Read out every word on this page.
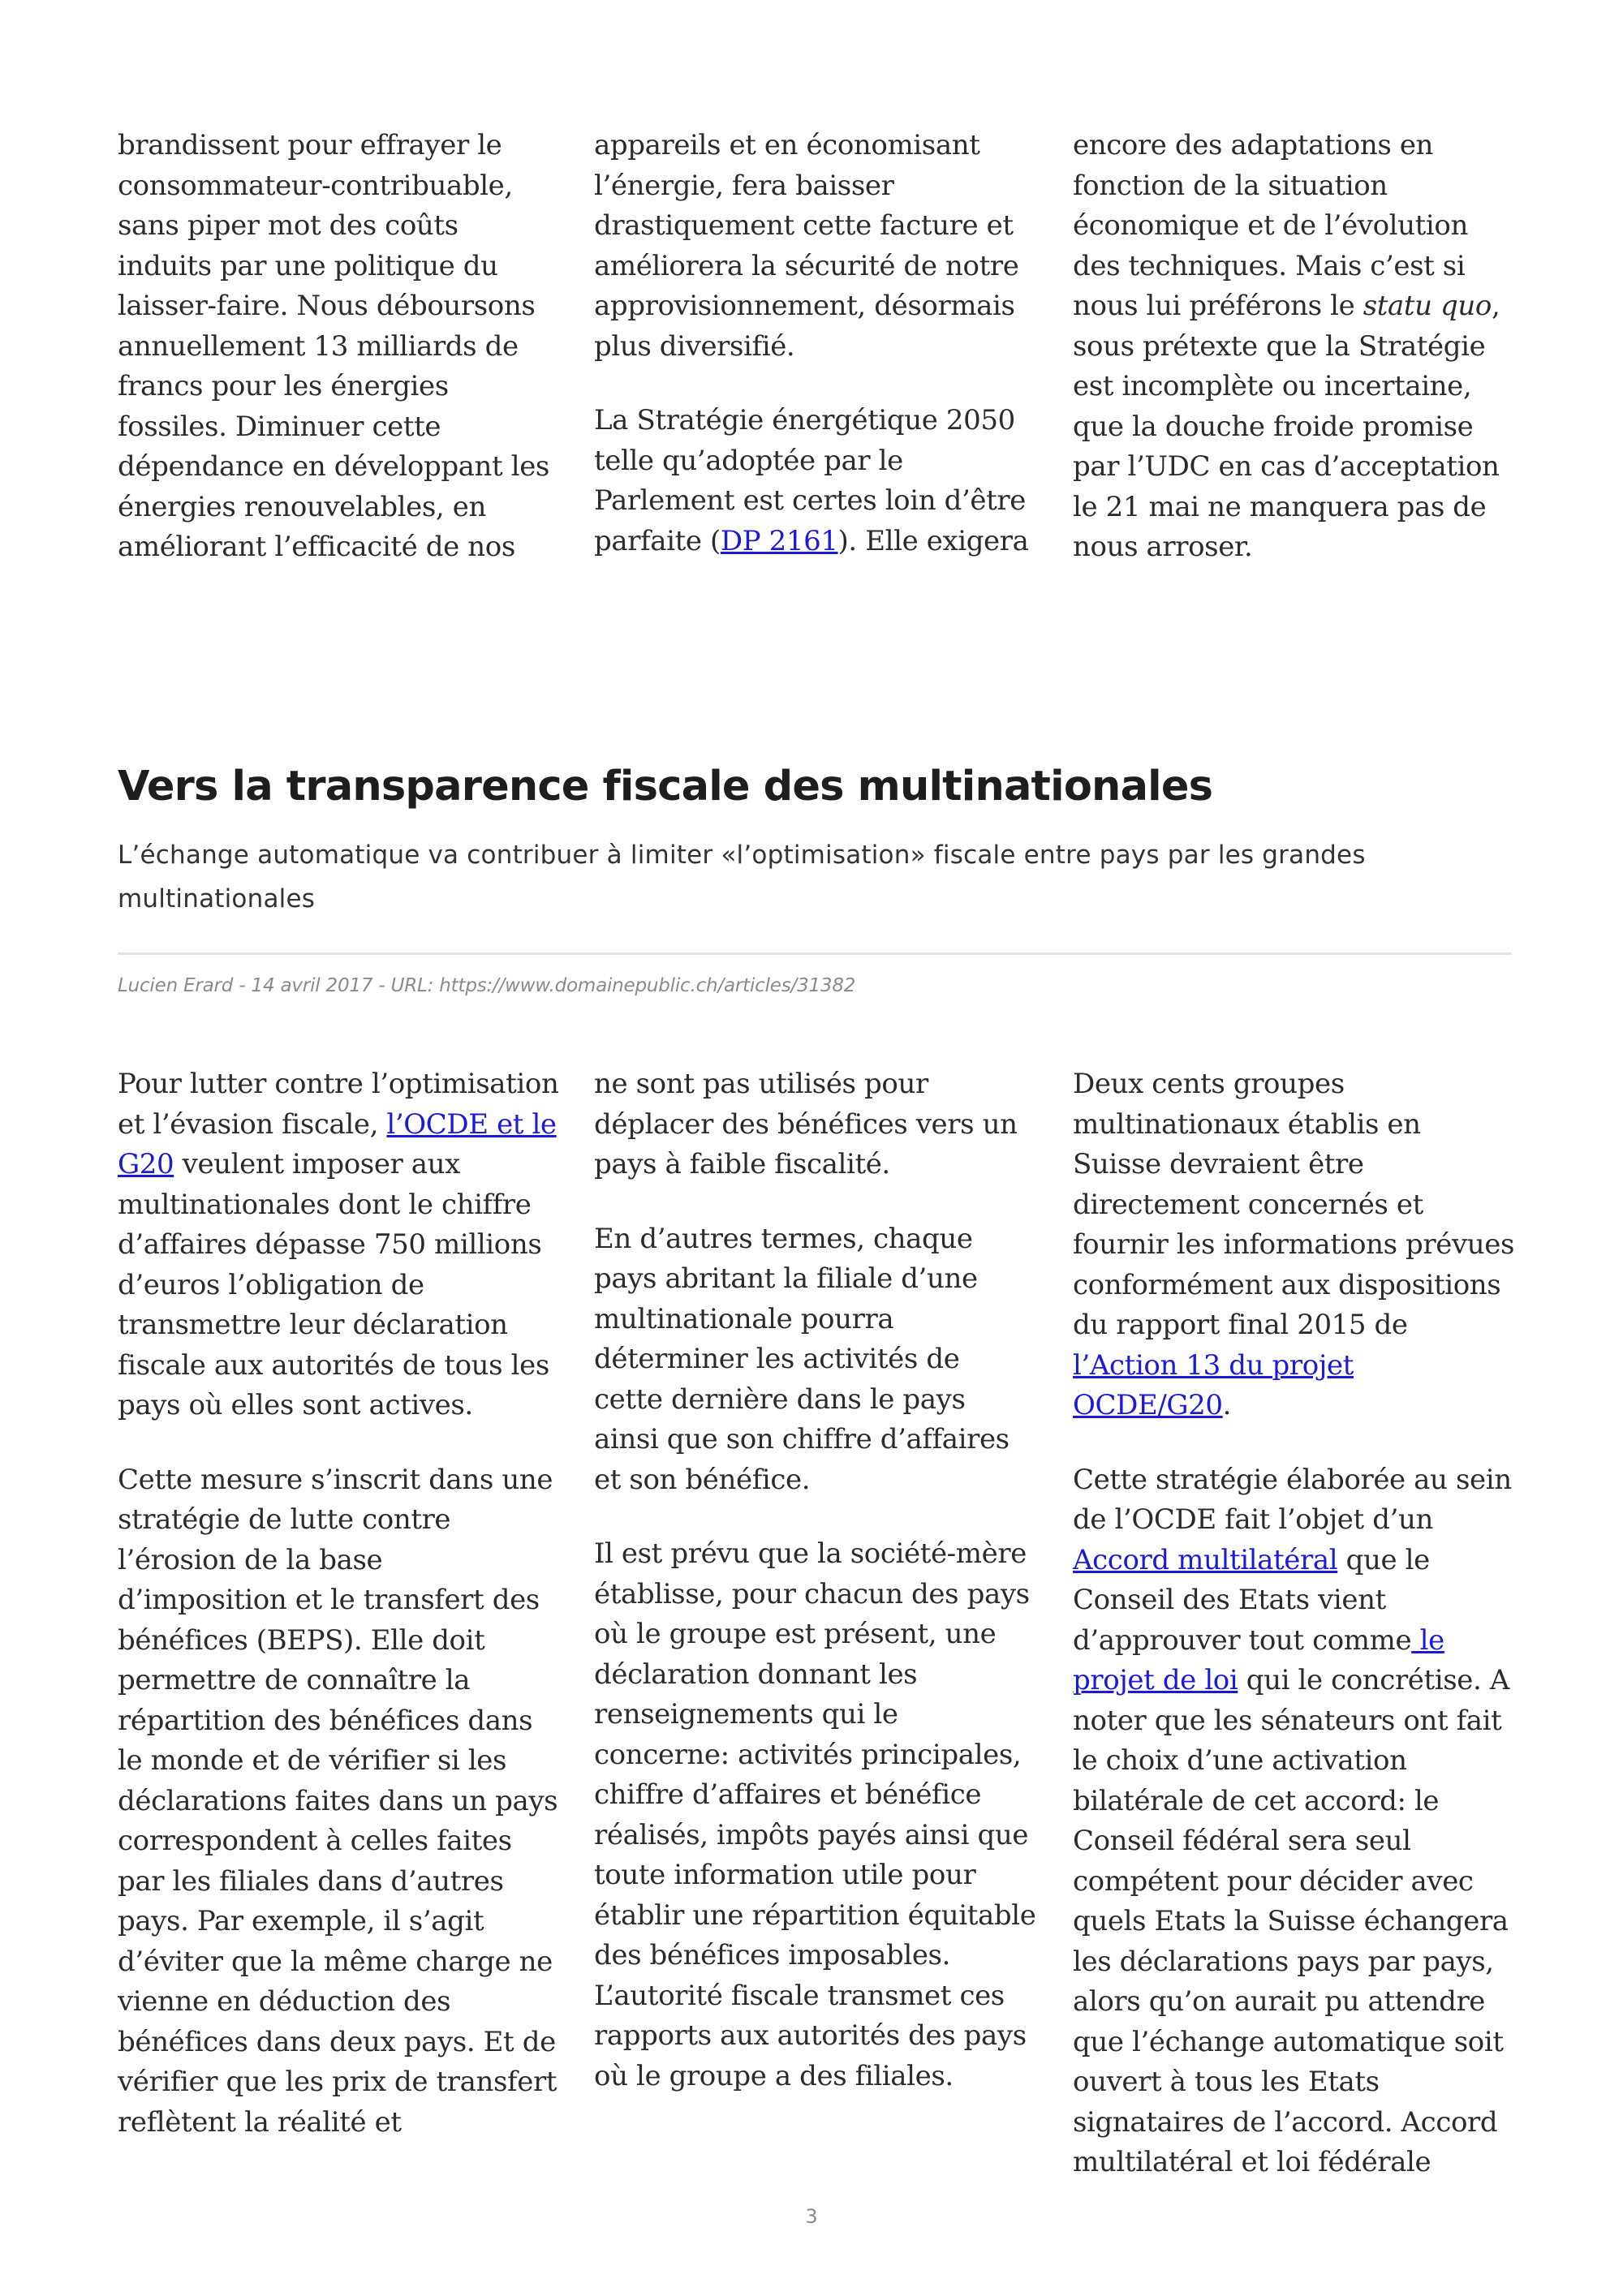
brandissent pour effrayer le consommateur-contribuable, sans piper mot des coûts induits par une politique du laisser-faire. Nous déboursons annuellement 13 milliards de francs pour les énergies fossiles. Diminuer cette dépendance en développant les énergies renouvelables, en améliorant l’efficacité de nos

appareils et en économisant l’énergie, fera baisser drastiquement cette facture et améliorera la sécurité de notre approvisionnement, désormais plus diversifié.

La Stratégie énergétique 2050 telle qu’adoptée par le Parlement est certes loin d’être parfaite (DP 2161). Elle exigera

encore des adaptations en fonction de la situation économique et de l’évolution des techniques. Mais c’est si nous lui préférons le statu quo, sous prétexte que la Stratégie est incomplète ou incertaine, que la douche froide promise par l’UDC en cas d’acceptation le 21 mai ne manquera pas de nous arroser.

Vers la transparence fiscale des multinationales

L’échange automatique va contribuer à limiter «l’optimisation» fiscale entre pays par les grandes multinationales

Lucien Erard - 14 avril 2017 - URL: https://www.domainepublic.ch/articles/31382

Pour lutter contre l’optimisation et l’évasion fiscale, l’OCDE et le G20 veulent imposer aux multinationales dont le chiffre d’affaires dépasse 750 millions d’euros l’obligation de transmettre leur déclaration fiscale aux autorités de tous les pays où elles sont actives.

Cette mesure s’inscrit dans une stratégie de lutte contre l’érosion de la base d’imposition et le transfert des bénéfices (BEPS). Elle doit permettre de connaître la répartition des bénéfices dans le monde et de vérifier si les déclarations faites dans un pays correspondent à celles faites par les filiales dans d’autres pays. Par exemple, il s’agit d’éviter que la même charge ne vienne en déduction des bénéfices dans deux pays. Et de vérifier que les prix de transfert reflètent la réalité et

ne sont pas utilisés pour déplacer des bénéfices vers un pays à faible fiscalité.

En d’autres termes, chaque pays abritant la filiale d’une multinationale pourra déterminer les activités de cette dernière dans le pays ainsi que son chiffre d’affaires et son bénéfice.

Il est prévu que la société-mère établisse, pour chacun des pays où le groupe est présent, une déclaration donnant les renseignements qui le concerne: activités principales, chiffre d’affaires et bénéfice réalisés, impôts payés ainsi que toute information utile pour établir une répartition équitable des bénéfices imposables. L’autorité fiscale transmet ces rapports aux autorités des pays où le groupe a des filiales.

Deux cents groupes multinationaux établis en Suisse devraient être directement concernés et fournir les informations prévues conformément aux dispositions du rapport final 2015 de l’Action 13 du projet OCDE/G20.

Cette stratégie élaborée au sein de l’OCDE fait l’objet d’un Accord multilatéral que le Conseil des Etats vient d’approuver tout comme le projet de loi qui le concrétise. A noter que les sénateurs ont fait le choix d’une activation bilatérale de cet accord: le Conseil fédéral sera seul compétent pour décider avec quels Etats la Suisse échangera les déclarations pays par pays, alors qu’on aurait pu attendre que l’échange automatique soit ouvert à tous les Etats signataires de l’accord. Accord multilatéral et loi fédérale

3
